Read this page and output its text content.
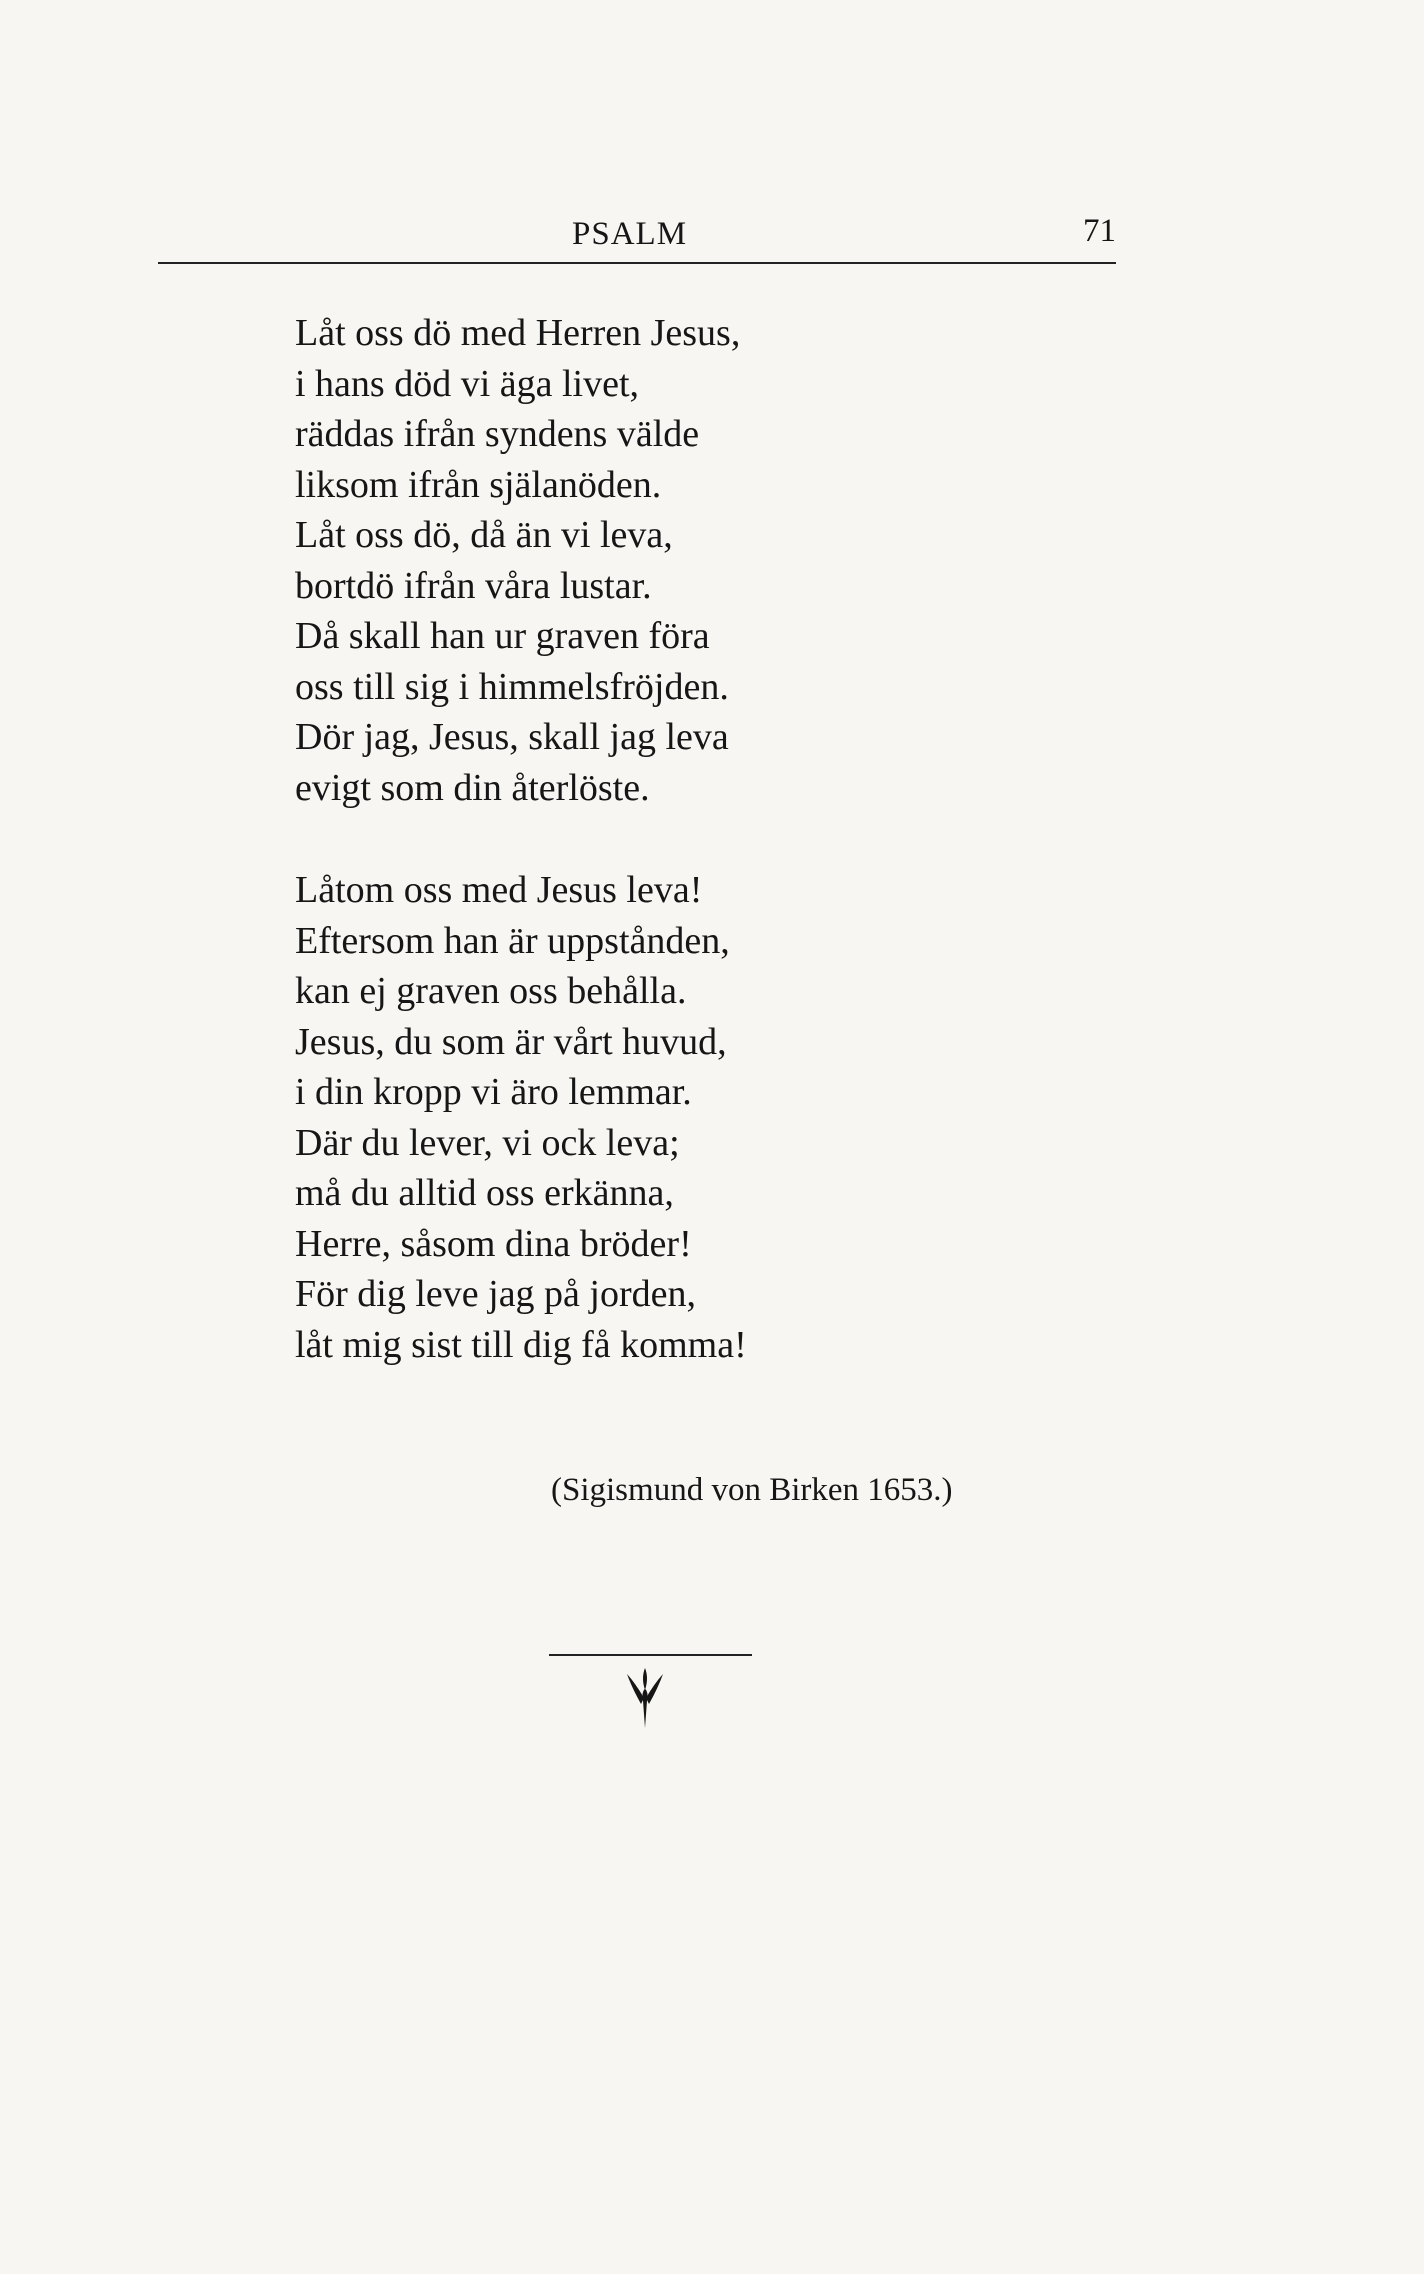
PSALM	71
Låt oss dö med Herren Jesus,
i hans död vi äga livet,
räddas ifrån syndens välde
liksom ifrån själanöden.
Låt oss dö, då än vi leva,
bortdö ifrån våra lustar.
Då skall han ur graven föra
oss till sig i himmelsfröjden.
Dör jag, Jesus, skall jag leva
evigt som din återlöste.
Låtom oss med Jesus leva!
Eftersom han är uppstånden,
kan ej graven oss behålla.
Jesus, du som är vårt huvud,
i din kropp vi äro lemmar.
Där du lever, vi ock leva;
må du alltid oss erkänna,
Herre, såsom dina bröder!
För dig leve jag på jorden,
låt mig sist till dig få komma!
(Sigismund von Birken 1653.)
